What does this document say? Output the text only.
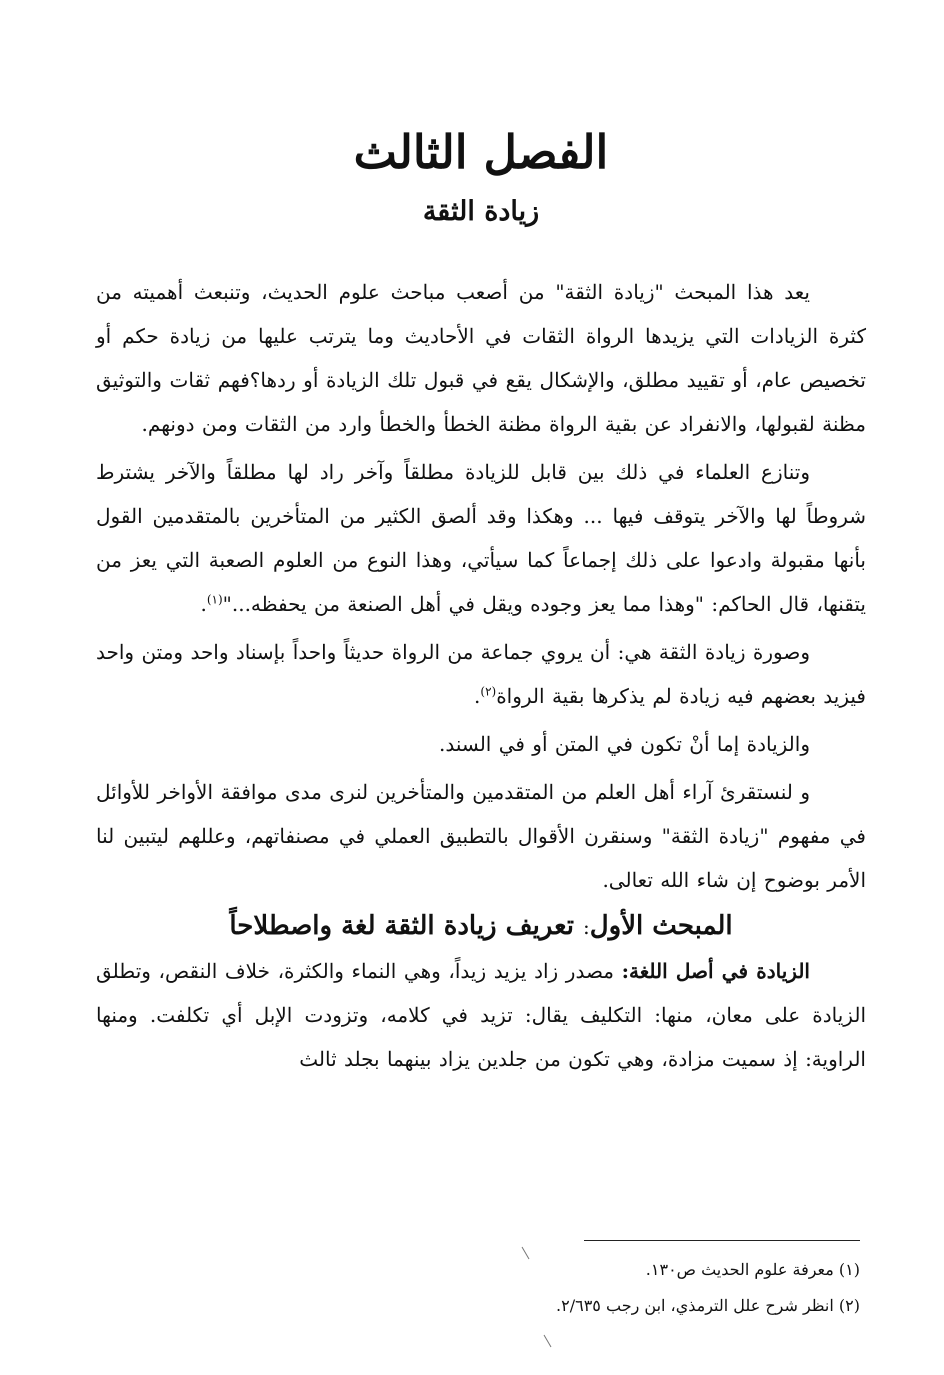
الفصل الثالث
زيادة الثقة

يعد هذا المبحث "زيادة الثقة" من أصعب مباحث علوم الحديث، وتنبعث أهميته من كثرة الزيادات التي يزيدها الرواة الثقات في الأحاديث وما يترتب عليها من زيادة حكم أو تخصيص عام، أو تقييد مطلق، والإشكال يقع في قبول تلك الزيادة أو ردها؟فهم ثقات والتوثيق مظنة لقبولها، والانفراد عن بقية الرواة مظنة الخطأ والخطأ وارد من الثقات ومن دونهم.

وتنازع العلماء في ذلك بين قابل للزيادة مطلقاً وآخر راد لها مطلقاً والآخر يشترط شروطاً لها والآخر يتوقف فيها ... وهكذا وقد ألصق الكثير من المتأخرين بالمتقدمين القول بأنها مقبولة وادعوا على ذلك إجماعاً كما سيأتي، وهذا النوع من العلوم الصعبة التي يعز من يتقنها، قال الحاكم: "وهذا مما يعز وجوده ويقل في أهل الصنعة من يحفظه..."$^{(١)}$.

وصورة زيادة الثقة هي: أن يروي جماعة من الرواة حديثاً واحداً بإسناد واحد ومتن واحد فيزيد بعضهم فيه زيادة لم يذكرها بقية الرواة$^{(٢)}$.

والزيادة إما أنْ تكون في المتن أو في السند.

و لنستقرئ آراء أهل العلم من المتقدمين والمتأخرين لنرى مدى موافقة الأواخر للأوائل في مفهوم "زيادة الثقة" وسنقرن الأقوال بالتطبيق العملي في مصنفاتهم، وعللهم ليتبين لنا الأمر بوضوح إن شاء الله تعالى.

المبحث الأول: تعريف زيادة الثقة لغة واصطلاحاً

الزيادة في أصل اللغة: مصدر زاد يزيد زيداً، وهي النماء والكثرة، خلاف النقص، وتطلق الزيادة على معان، منها: التكليف يقال: تزيد في كلامه، وتزودت الإبل أي تكلفت. ومنها الراوية: إذ سميت مزادة، وهي تكون من جلدين يزاد بينهما بجلد ثالث

(١) معرفة علوم الحديث ص١٣٠.

(٢) انظر شرح علل الترمذي، ابن رجب ٢/٦٣٥.
